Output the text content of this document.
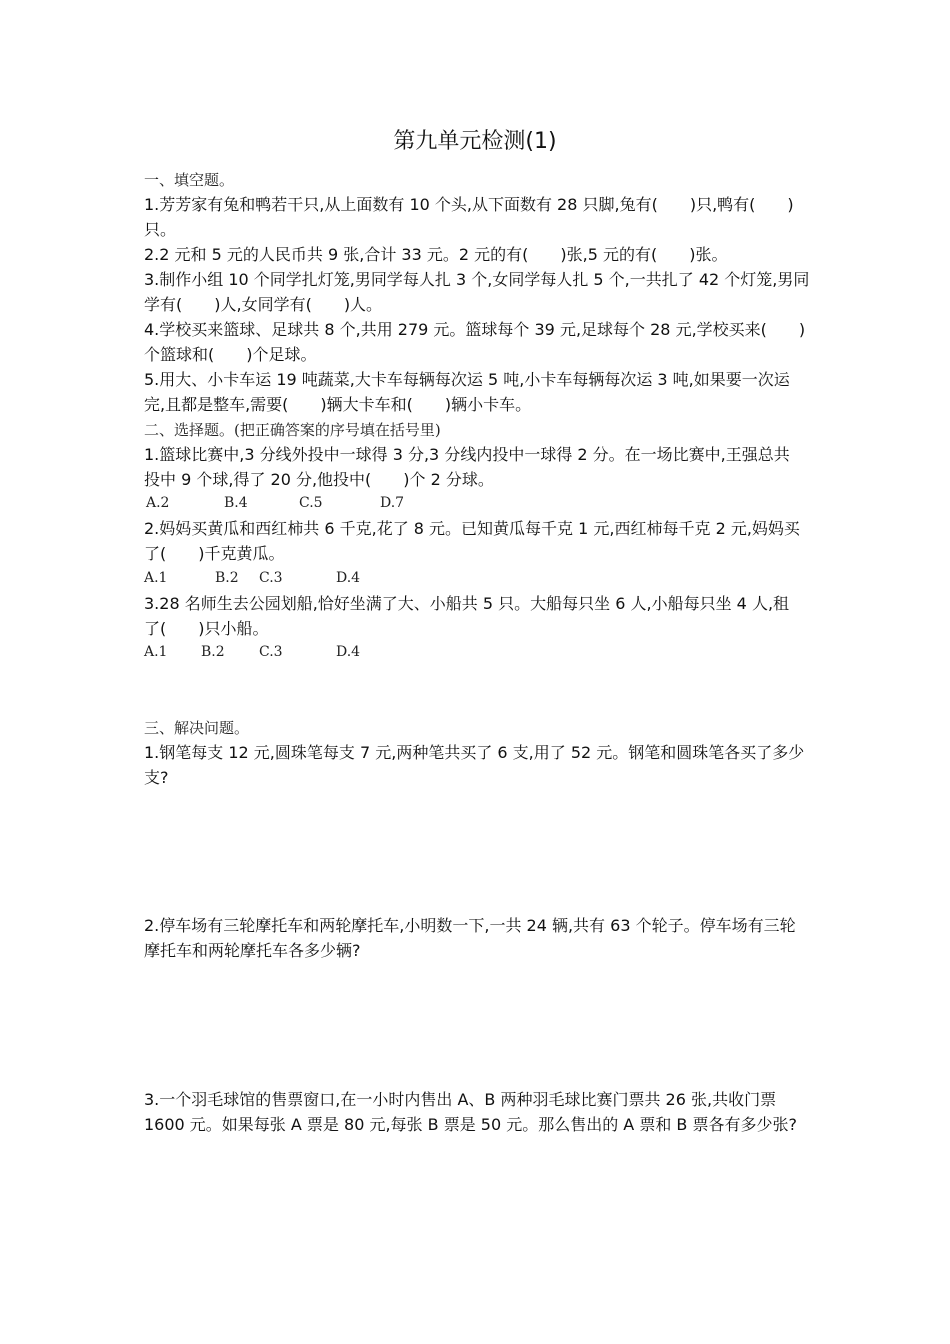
第九单元检测(1)
一、填空题。
1.芳芳家有兔和鸭若干只,从上面数有 10 个头,从下面数有 28 只脚,兔有(　　)只,鸭有(　　)
只。
2.2 元和 5 元的人民币共 9 张,合计 33 元。2 元的有(　　)张,5 元的有(　　)张。
3.制作小组 10 个同学扎灯笼,男同学每人扎 3 个,女同学每人扎 5 个,一共扎了 42 个灯笼,男同
学有(　　)人,女同学有(　　)人。
4.学校买来篮球、足球共 8 个,共用 279 元。篮球每个 39 元,足球每个 28 元,学校买来(　　)
个篮球和(　　)个足球。
5.用大、小卡车运 19 吨蔬菜,大卡车每辆每次运 5 吨,小卡车每辆每次运 3 吨,如果要一次运
完,且都是整车,需要(　　)辆大卡车和(　　)辆小卡车。
二、选择题。(把正确答案的序号填在括号里)
1.篮球比赛中,3 分线外投中一球得 3 分,3 分线内投中一球得 2 分。在一场比赛中,王强总共
投中 9 个球,得了 20 分,他投中(　　)个 2 分球。
A.2	B.4	C.5	D.7
2.妈妈买黄瓜和西红柿共 6 千克,花了 8 元。已知黄瓜每千克 1 元,西红柿每千克 2 元,妈妈买
了(　　)千克黄瓜。
A.1	B.2 C.3	D.4
3.28 名师生去公园划船,恰好坐满了大、小船共 5 只。大船每只坐 6 人,小船每只坐 4 人,租
了(　　)只小船。
A.1 B.2 C.3	D.4
三、解决问题。
1.钢笔每支 12 元,圆珠笔每支 7 元,两种笔共买了 6 支,用了 52 元。钢笔和圆珠笔各买了多少
支?
2.停车场有三轮摩托车和两轮摩托车,小明数一下,一共 24 辆,共有 63 个轮子。停车场有三轮
摩托车和两轮摩托车各多少辆?
3.一个羽毛球馆的售票窗口,在一小时内售出 A、B 两种羽毛球比赛门票共 26 张,共收门票
1600 元。如果每张 A 票是 80 元,每张 B 票是 50 元。那么售出的 A 票和 B 票各有多少张?
